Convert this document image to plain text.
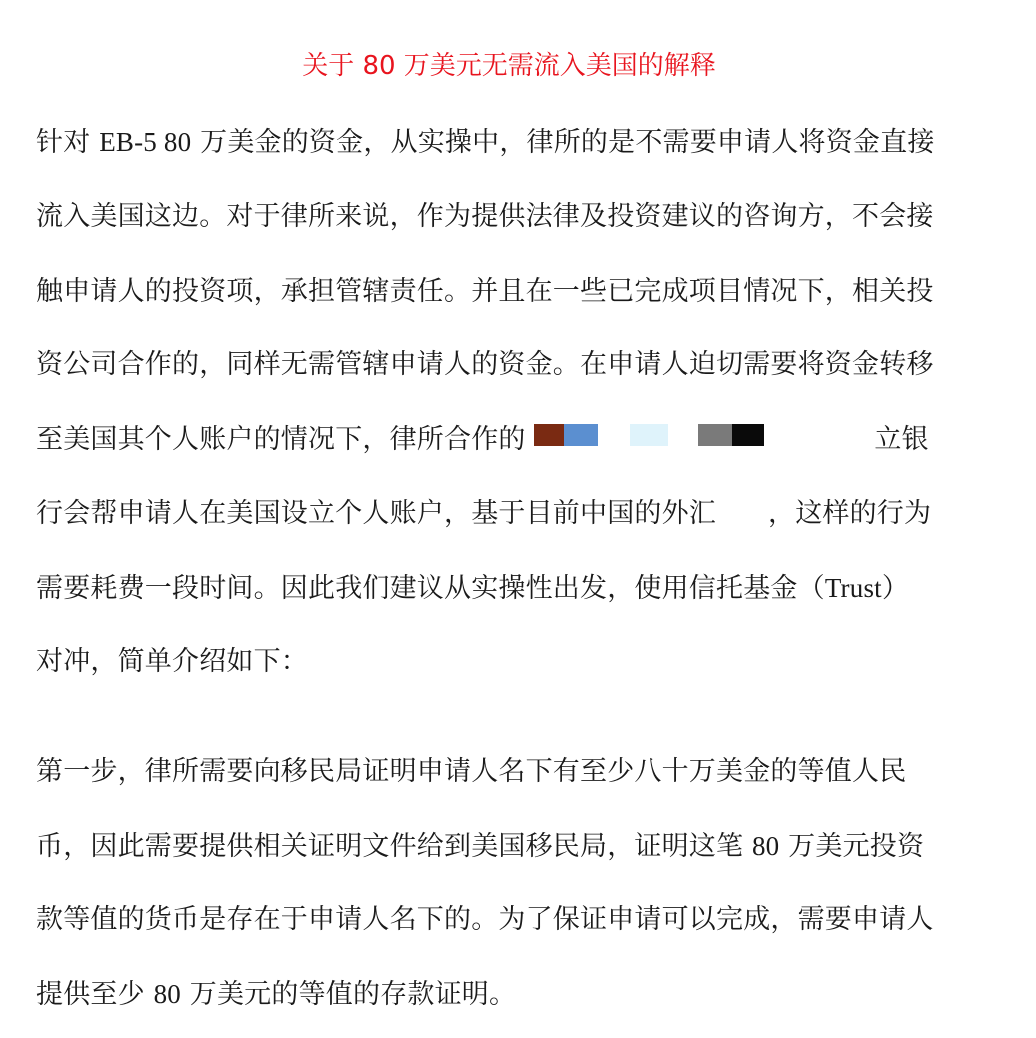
关于 80 万美元无需流入美国的解释
针对 EB-5 80 万美金的资金，从实操中，律所的是不需要申请人将资金直接
流入美国这边。对于律所来说，作为提供法律及投资建议的咨询方，不会接
触申请人的投资项，承担管辖责任。并且在一些已完成项目情况下，相关投
资公司合作的，同样无需管辖申请人的资金。在申请人迫切需要将资金转移
至美国其个人账户的情况下，律所合作的	立银
行会帮申请人在美国设立个人账户，基于目前中国的外汇 ，这样的行为
需要耗费一段时间。因此我们建议从实操性出发，使用信托基金（Trust）
对冲，简单介绍如下：
第一步，律所需要向移民局证明申请人名下有至少八十万美金的等值人民
币，因此需要提供相关证明文件给到美国移民局，证明这笔 80 万美元投资
款等值的货币是存在于申请人名下的。为了保证申请可以完成，需要申请人
提供至少 80 万美元的等值的存款证明。
